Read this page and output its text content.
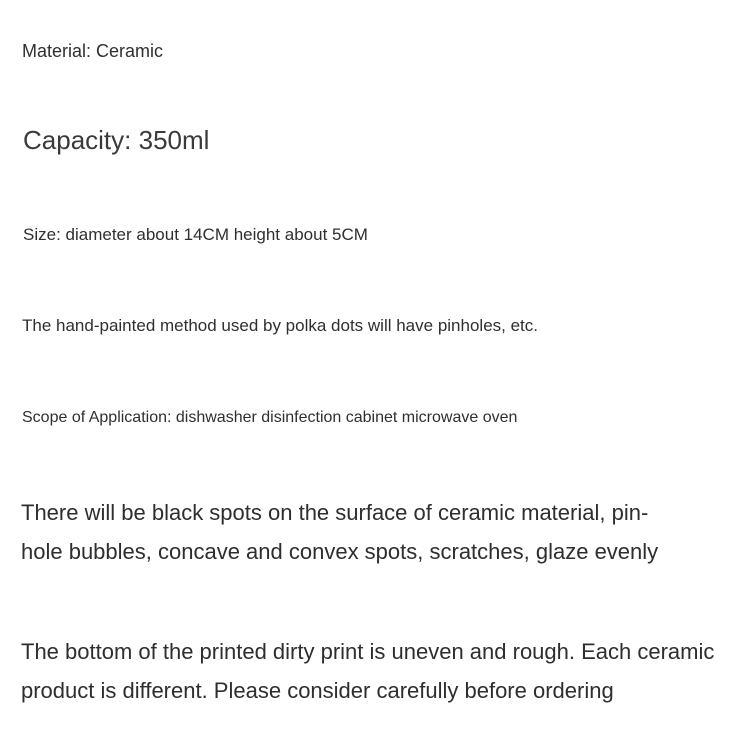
Material: Ceramic
Capacity: 350ml
Size: diameter about 14CM height about 5CM
The hand-painted method used by polka dots will have pinholes, etc.
Scope of Application: dishwasher disinfection cabinet microwave oven
There will be black spots on the surface of ceramic material, pin-
hole bubbles, concave and convex spots, scratches, glaze evenly
The bottom of the printed dirty print is uneven and rough. Each ceramic
product is different. Please consider carefully before ordering
